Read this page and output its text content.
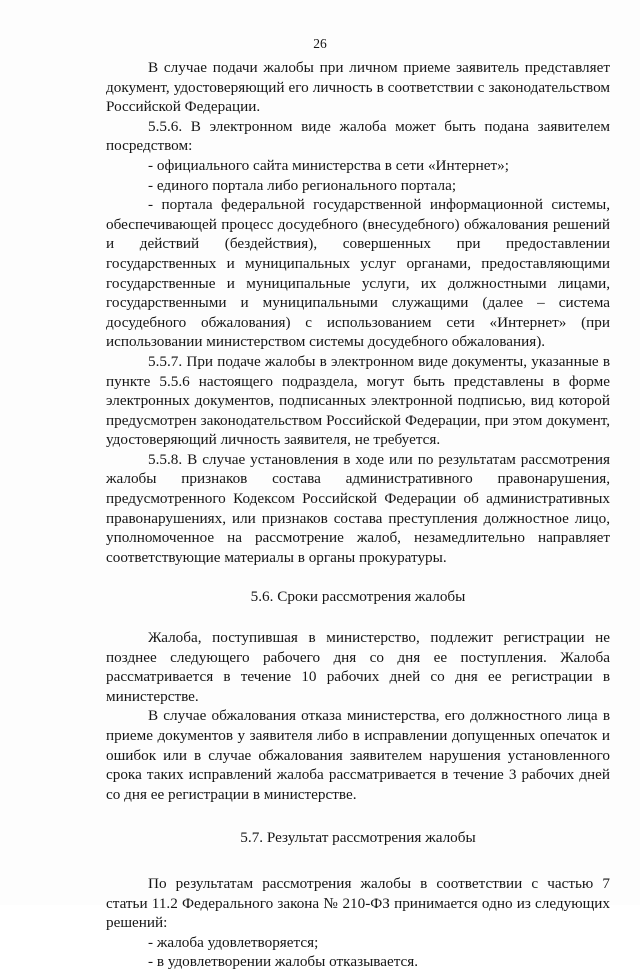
26

В случае подачи жалобы при личном приеме заявитель представляет документ, удостоверяющий его личность в соответствии с законодательством Российской Федерации.

5.5.6. В электронном виде жалоба может быть подана заявителем посредством:

- официального сайта министерства в сети «Интернет»;

- единого портала либо регионального портала;

- портала федеральной государственной информационной системы, обеспечивающей процесс досудебного (внесудебного) обжалования решений и действий (бездействия), совершенных при предоставлении государственных и муниципальных услуг органами, предоставляющими государственные и муниципальные услуги, их должностными лицами, государственными и муниципальными служащими (далее – система досудебного обжалования) с использованием сети «Интернет» (при использовании министерством системы досудебного обжалования).

5.5.7. При подаче жалобы в электронном виде документы, указанные в пункте 5.5.6 настоящего подраздела, могут быть представлены в форме электронных документов, подписанных электронной подписью, вид которой предусмотрен законодательством Российской Федерации, при этом документ, удостоверяющий личность заявителя, не требуется.

5.5.8. В случае установления в ходе или по результатам рассмотрения жалобы признаков состава административного правонарушения, предусмотренного Кодексом Российской Федерации об административных правонарушениях, или признаков состава преступления должностное лицо, уполномоченное на рассмотрение жалоб, незамедлительно направляет соответствующие материалы в органы прокуратуры.

5.6. Сроки рассмотрения жалобы

Жалоба, поступившая в министерство, подлежит регистрации не позднее следующего рабочего дня со дня ее поступления. Жалоба рассматривается в течение 10 рабочих дней со дня ее регистрации в министерстве.

В случае обжалования отказа министерства, его должностного лица в приеме документов у заявителя либо в исправлении допущенных опечаток и ошибок или в случае обжалования заявителем нарушения установленного срока таких исправлений жалоба рассматривается в течение 3 рабочих дней со дня ее регистрации в министерстве.

5.7. Результат рассмотрения жалобы

По результатам рассмотрения жалобы в соответствии с частью 7 статьи 11.2 Федерального закона № 210-ФЗ принимается одно из следующих решений:

- жалоба удовлетворяется;

- в удовлетворении жалобы отказывается.
